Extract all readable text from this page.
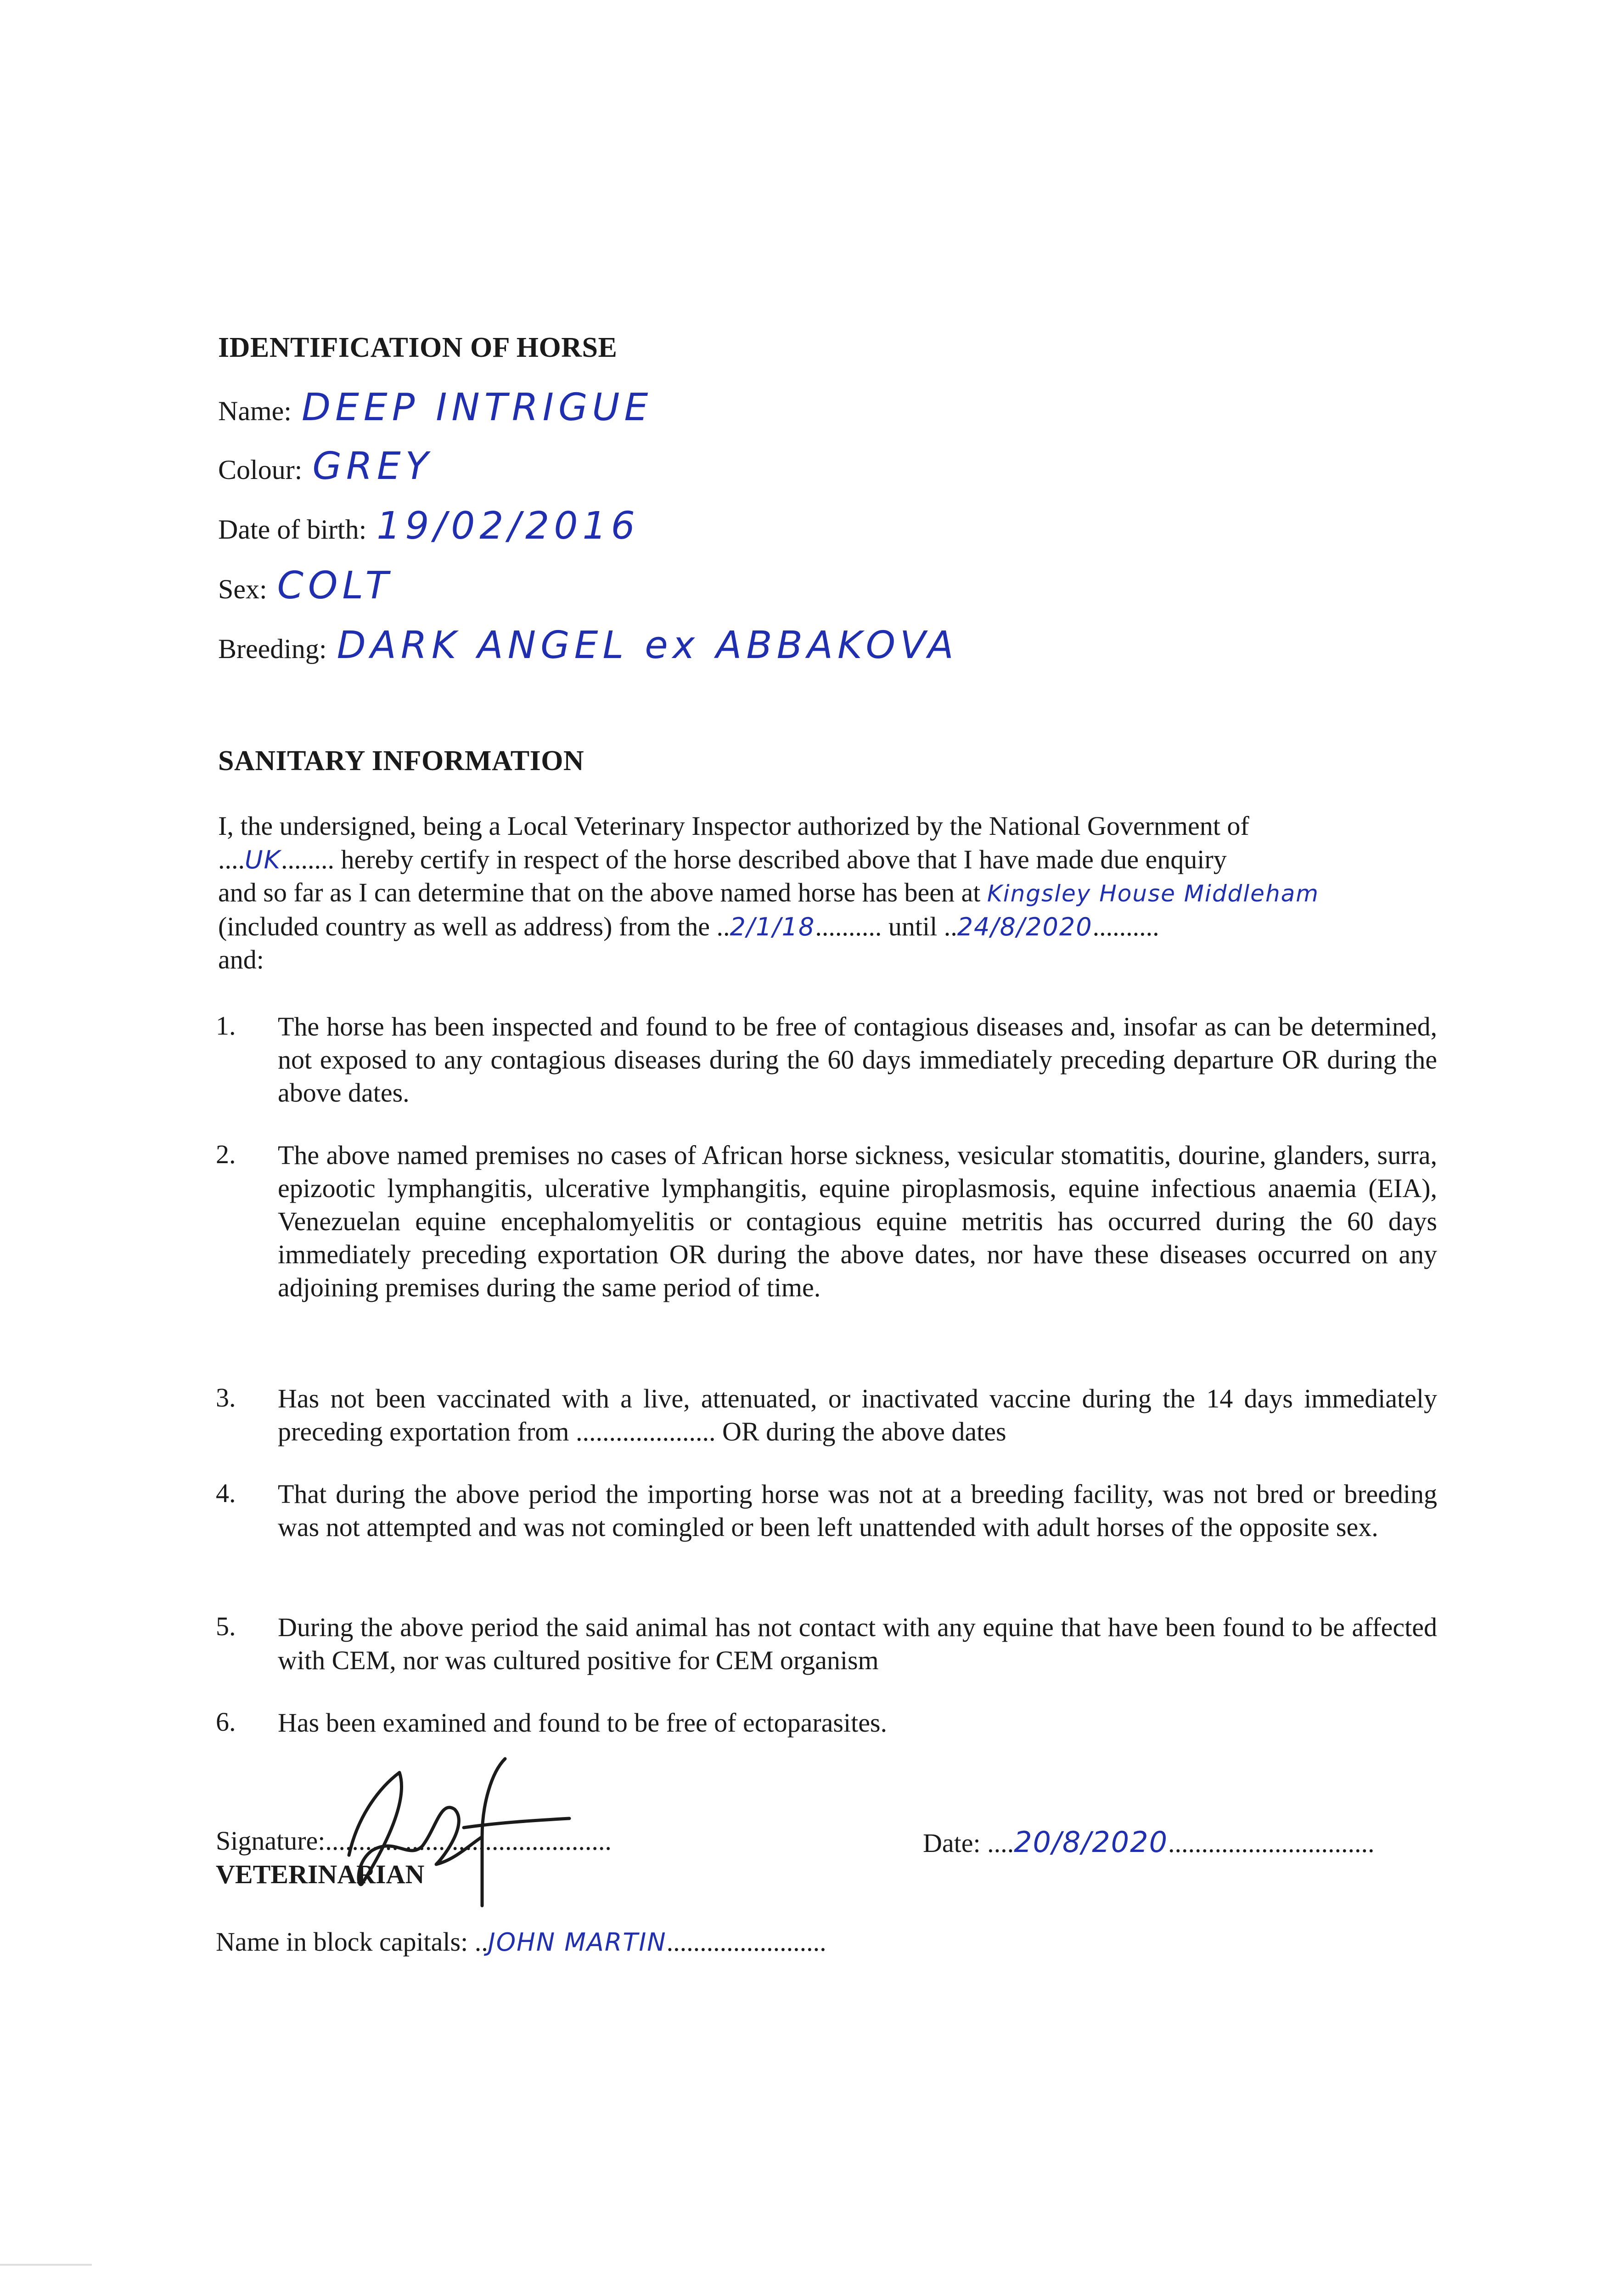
IDENTIFICATION OF HORSE
Name: DEEP INTRIGUE
Colour: GREY
Date of birth: 19/02/2016
Sex: COLT
Breeding: DARK ANGEL ex ABBAKOVA
SANITARY INFORMATION
I, the undersigned, being a Local Veterinary Inspector authorized by the National Government of
....UK........ hereby certify in respect of the horse described above that I have made due enquiry
and so far as I can determine that on the above named horse has been at Kingsley House Middleham
(included country as well as address) from the ..2/1/18.......... until ..24/8/2020..........
and:
1. The horse has been inspected and found to be free of contagious diseases and, insofar as can be determined, not exposed to any contagious diseases during the 60 days immediately preceding departure OR during the above dates.
2. The above named premises no cases of African horse sickness, vesicular stomatitis, dourine, glanders, surra, epizootic lymphangitis, ulcerative lymphangitis, equine piroplasmosis, equine infectious anaemia (EIA), Venezuelan equine encephalomyelitis or contagious equine metritis has occurred during the 60 days immediately preceding exportation OR during the above dates, nor have these diseases occurred on any adjoining premises during the same period of time.
3. Has not been vaccinated with a live, attenuated, or inactivated vaccine during the 14 days immediately preceding exportation from ..................... OR during the above dates
4. That during the above period the importing horse was not at a breeding facility, was not bred or breeding was not attempted and was not comingled or been left unattended with adult horses of the opposite sex.
5. During the above period the said animal has not contact with any equine that have been found to be affected with CEM, nor was cultured positive for CEM organism
6. Has been examined and found to be free of ectoparasites.
Signature:...........................................
VETERINARIAN
Date: ....20/8/2020...............................
Name in block capitals: ..JOHN MARTIN........................
